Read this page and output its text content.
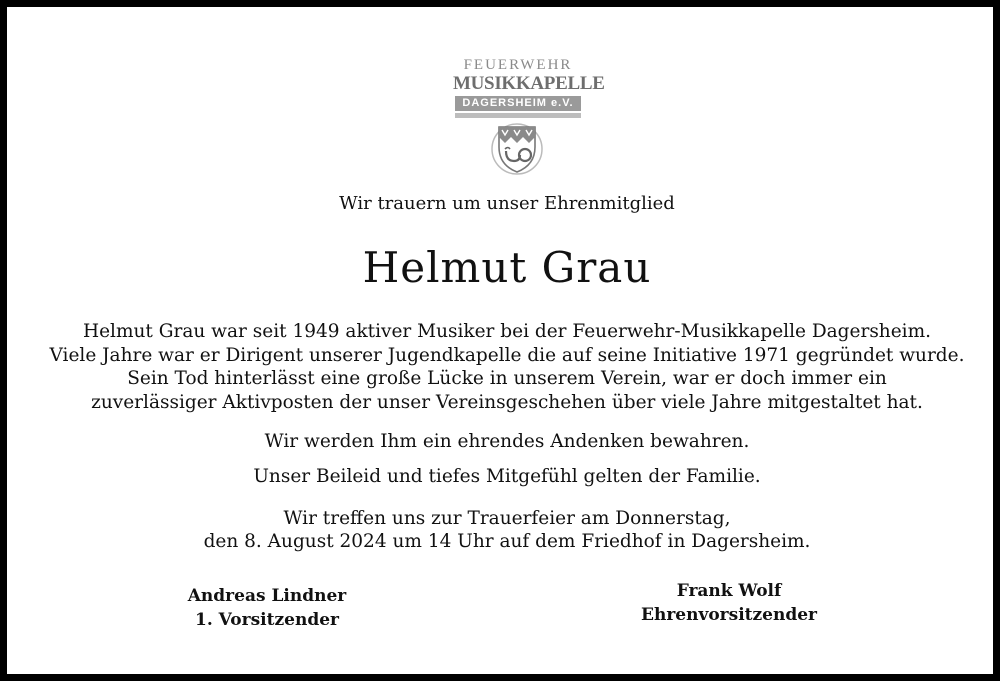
FEUERWEHR
MUSIKKAPELLE
DAGERSHEIM e.V.
Wir trauern um unser Ehrenmitglied
Helmut Grau
Helmut Grau war seit 1949 aktiver Musiker bei der Feuerwehr-Musikkapelle Dagersheim.
Viele Jahre war er Dirigent unserer Jugendkapelle die auf seine Initiative 1971 gegründet wurde.
Sein Tod hinterlässt eine große Lücke in unserem Verein, war er doch immer ein
zuverlässiger Aktivposten der unser Vereinsgeschehen über viele Jahre mitgestaltet hat.
Wir werden Ihm ein ehrendes Andenken bewahren.
Unser Beileid und tiefes Mitgefühl gelten der Familie.
Wir treffen uns zur Trauerfeier am Donnerstag,
den 8. August 2024 um 14 Uhr auf dem Friedhof in Dagersheim.
Andreas Lindner
1. Vorsitzender
Frank Wolf
Ehrenvorsitzender
